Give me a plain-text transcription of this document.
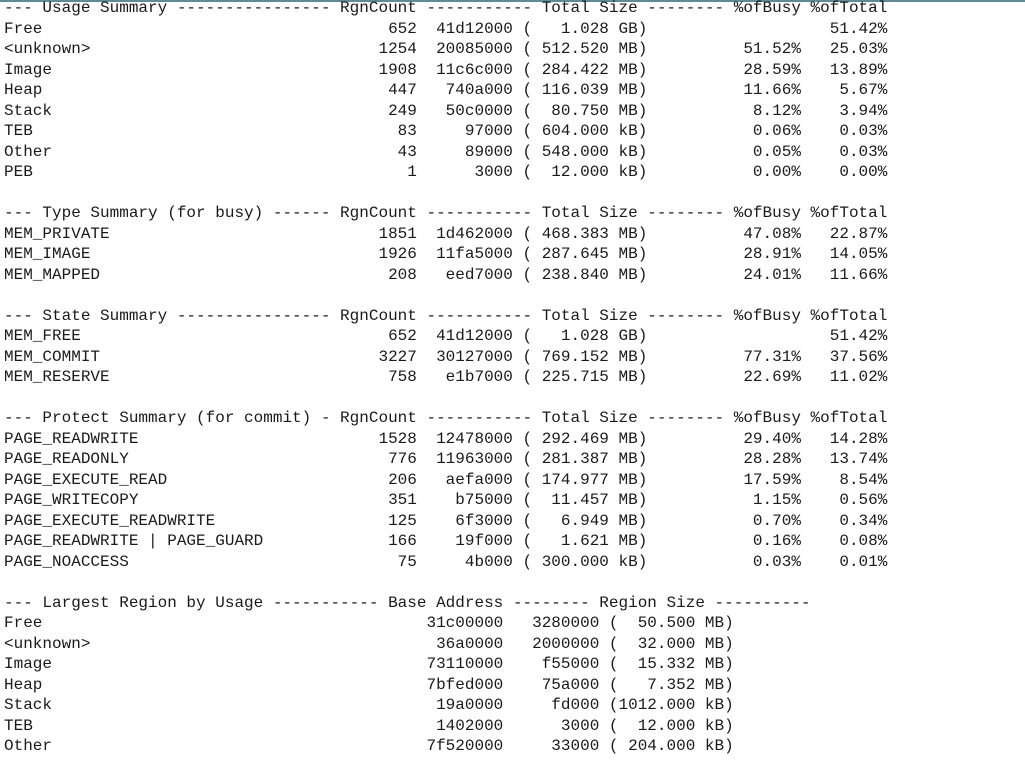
--- Usage Summary ---------------- RgnCount ----------- Total Size -------- %ofBusy %ofTotal
Free                                    652  41d12000 (   1.028 GB)                   51.42%
<unknown>                              1254  20085000 ( 512.520 MB)          51.52%   25.03%
Image                                  1908  11c6c000 ( 284.422 MB)          28.59%   13.89%
Heap                                    447   740a000 ( 116.039 MB)          11.66%    5.67%
Stack                                   249   50c0000 (  80.750 MB)           8.12%    3.94%
TEB                                      83     97000 ( 604.000 kB)           0.06%    0.03%
Other                                    43     89000 ( 548.000 kB)           0.05%    0.03%
PEB                                       1      3000 (  12.000 kB)           0.00%    0.00%
--- Type Summary (for busy) ------ RgnCount ----------- Total Size -------- %ofBusy %ofTotal
MEM_PRIVATE                            1851  1d462000 ( 468.383 MB)          47.08%   22.87%
MEM_IMAGE                              1926  11fa5000 ( 287.645 MB)          28.91%   14.05%
MEM_MAPPED                              208   eed7000 ( 238.840 MB)          24.01%   11.66%
--- State Summary ---------------- RgnCount ----------- Total Size -------- %ofBusy %ofTotal
MEM_FREE                                652  41d12000 (   1.028 GB)                   51.42%
MEM_COMMIT                             3227  30127000 ( 769.152 MB)          77.31%   37.56%
MEM_RESERVE                             758   e1b7000 ( 225.715 MB)          22.69%   11.02%
--- Protect Summary (for commit) - RgnCount ----------- Total Size -------- %ofBusy %ofTotal
PAGE_READWRITE                         1528  12478000 ( 292.469 MB)          29.40%   14.28%
PAGE_READONLY                           776  11963000 ( 281.387 MB)          28.28%   13.74%
PAGE_EXECUTE_READ                       206   aefa000 ( 174.977 MB)          17.59%    8.54%
PAGE_WRITECOPY                          351    b75000 (  11.457 MB)           1.15%    0.56%
PAGE_EXECUTE_READWRITE                  125    6f3000 (   6.949 MB)           0.70%    0.34%
PAGE_READWRITE | PAGE_GUARD             166    19f000 (   1.621 MB)           0.16%    0.08%
PAGE_NOACCESS                            75     4b000 ( 300.000 kB)           0.03%    0.01%
--- Largest Region by Usage ----------- Base Address -------- Region Size ----------
Free                                        31c00000   3280000 (  50.500 MB)
<unknown>                                    36a0000   2000000 (  32.000 MB)
Image                                       73110000    f55000 (  15.332 MB)
Heap                                        7bfed000    75a000 (   7.352 MB)
Stack                                        19a0000     fd000 (1012.000 kB)
TEB                                          1402000      3000 (  12.000 kB)
Other                                       7f520000     33000 ( 204.000 kB)
